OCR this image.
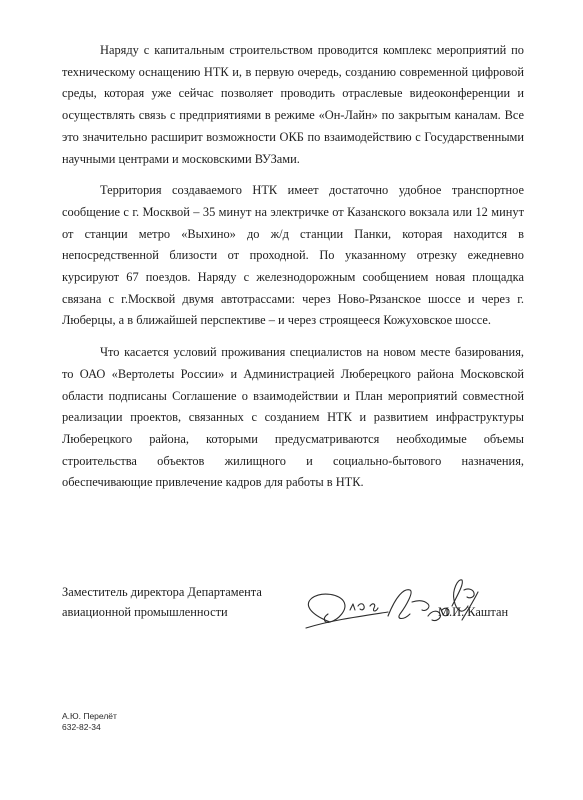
Наряду с капитальным строительством проводится комплекс мероприятий по техническому оснащению НТК и, в первую очередь, созданию современной цифровой среды, которая уже сейчас позволяет проводить отраслевые видеоконференции и осуществлять связь с предприятиями в режиме «Он-Лайн» по закрытым каналам. Все это значительно расширит возможности ОКБ по взаимодействию с Государственными научными центрами и московскими ВУЗами.

Территория создаваемого НТК имеет достаточно удобное транспортное сообщение с г. Москвой – 35 минут на электричке от Казанского вокзала или 12 минут от станции метро «Выхино» до ж/д станции Панки, которая находится в непосредственной близости от проходной. По указанному отрезку ежедневно курсируют 67 поездов. Наряду с железнодорожным сообщением новая площадка связана с г.Москвой двумя автотрассами: через Ново-Рязанское шоссе и через г. Люберцы, а в ближайшей перспективе – и через строящееся Кожуховское шоссе.

Что касается условий проживания специалистов на новом месте базирования, то ОАО «Вертолеты России» и Администрацией Люберецкого района Московской области подписаны Соглашение о взаимодействии и План мероприятий совместной реализации проектов, связанных с созданием НТК и развитием инфраструктуры Люберецкого района, которыми предусматриваются необходимые объемы строительства объектов жилищного и социально-бытового назначения, обеспечивающие привлечение кадров для работы в НТК.

Заместитель директора Департамента
авиационной промышленности	М.И. Каштан
А.Ю. Перелёт
632-82-34
